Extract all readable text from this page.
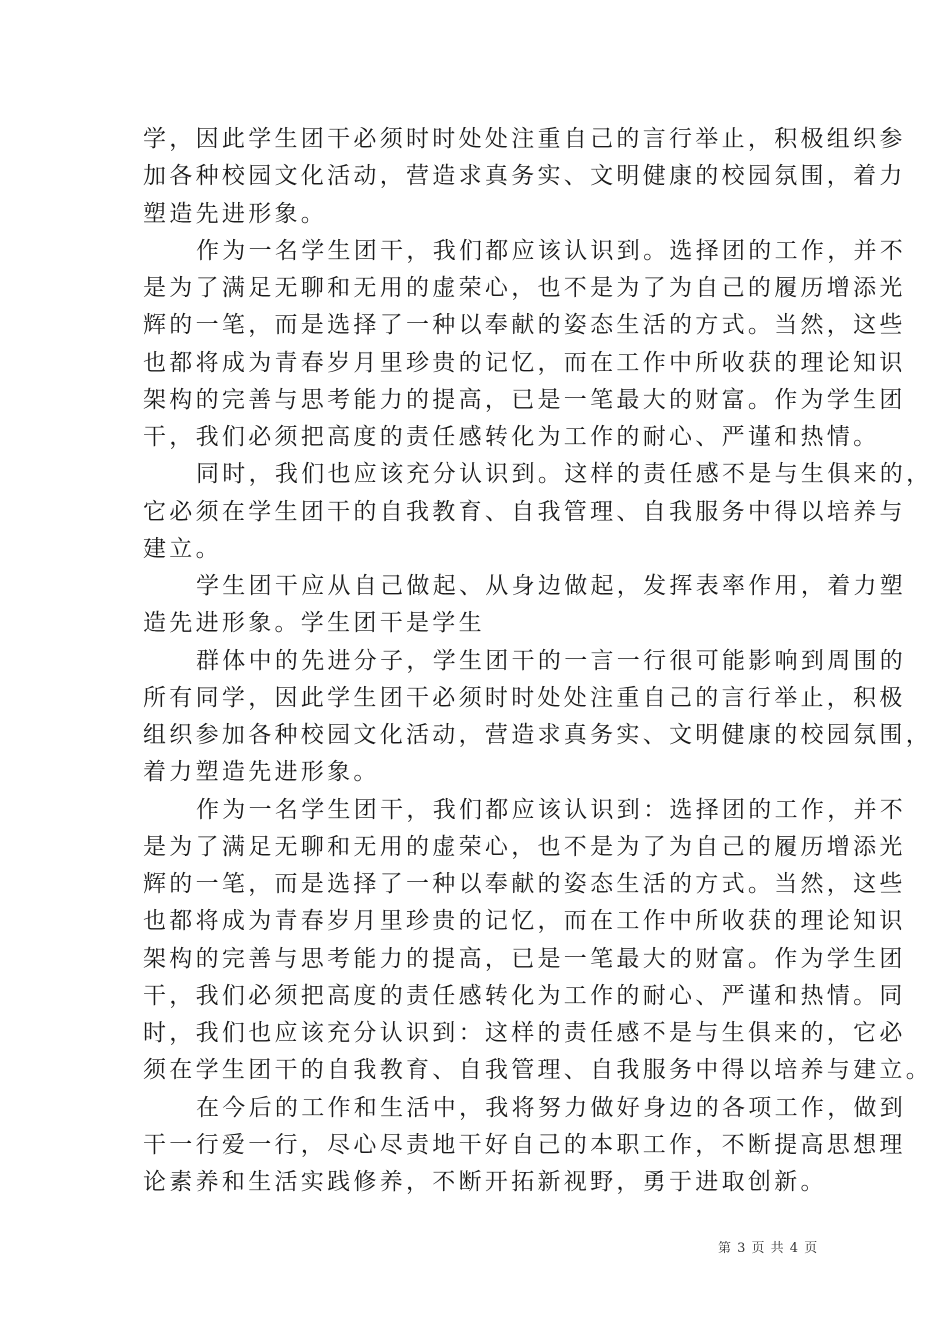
学，因此学生团干必须时时处处注重自己的言行举止，积极组织参
加各种校园文化活动，营造求真务实、文明健康的校园氛围，着力
塑造先进形象。
作为一名学生团干，我们都应该认识到。选择团的工作，并不
是为了满足无聊和无用的虚荣心，也不是为了为自己的履历增添光
辉的一笔，而是选择了一种以奉献的姿态生活的方式。当然，这些
也都将成为青春岁月里珍贵的记忆，而在工作中所收获的理论知识
架构的完善与思考能力的提高，已是一笔最大的财富。作为学生团
干，我们必须把高度的责任感转化为工作的耐心、严谨和热情。
同时，我们也应该充分认识到。这样的责任感不是与生俱来的，
它必须在学生团干的自我教育、自我管理、自我服务中得以培养与
建立。
学生团干应从自己做起、从身边做起，发挥表率作用，着力塑
造先进形象。学生团干是学生
群体中的先进分子，学生团干的一言一行很可能影响到周围的
所有同学，因此学生团干必须时时处处注重自己的言行举止，积极
组织参加各种校园文化活动，营造求真务实、文明健康的校园氛围，
着力塑造先进形象。
作为一名学生团干，我们都应该认识到：选择团的工作，并不
是为了满足无聊和无用的虚荣心，也不是为了为自己的履历增添光
辉的一笔，而是选择了一种以奉献的姿态生活的方式。当然，这些
也都将成为青春岁月里珍贵的记忆，而在工作中所收获的理论知识
架构的完善与思考能力的提高，已是一笔最大的财富。作为学生团
干，我们必须把高度的责任感转化为工作的耐心、严谨和热情。同
时，我们也应该充分认识到：这样的责任感不是与生俱来的，它必
须在学生团干的自我教育、自我管理、自我服务中得以培养与建立。
在今后的工作和生活中，我将努力做好身边的各项工作，做到
干一行爱一行，尽心尽责地干好自己的本职工作，不断提高思想理
论素养和生活实践修养，不断开拓新视野，勇于进取创新。
第 3 页 共 4 页
